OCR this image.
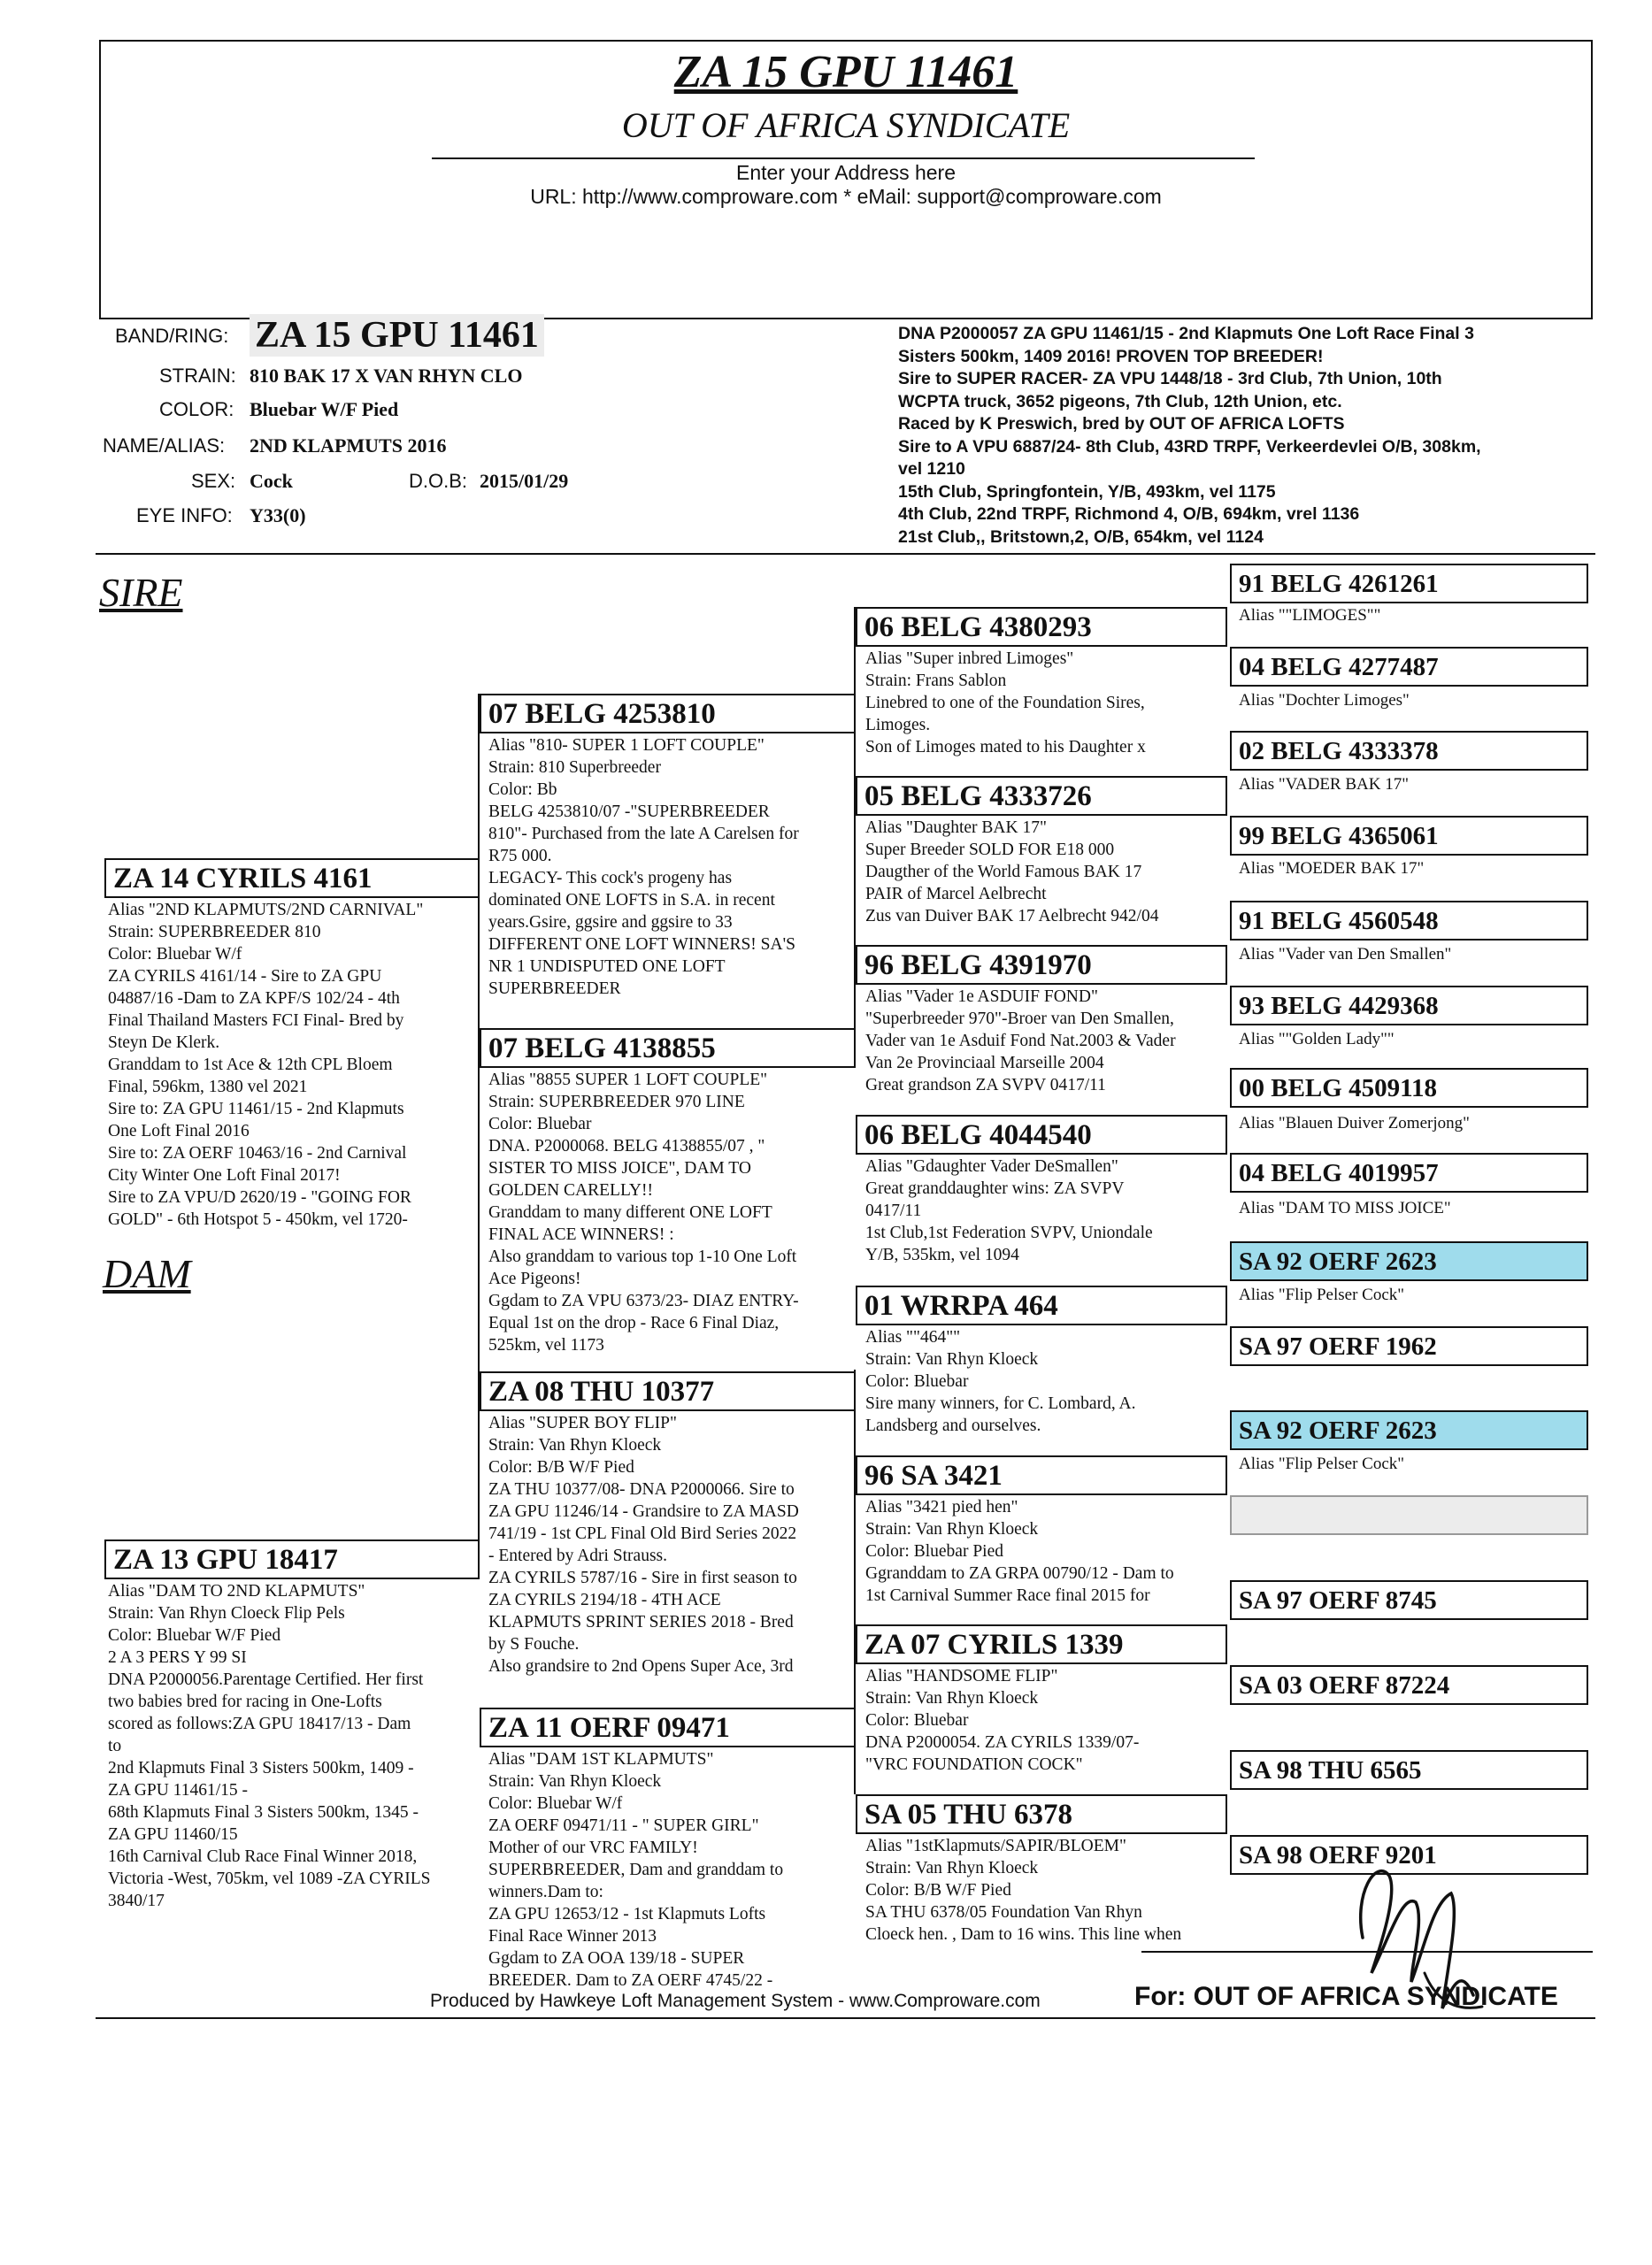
ZA 15 GPU 11461
OUT OF AFRICA SYNDICATE
Enter your Address here
URL: http://www.comproware.com * eMail: support@comproware.com
BAND/RING: ZA 15 GPU 11461
STRAIN: 810 BAK 17 X VAN RHYN CLO
COLOR: Bluebar W/F Pied
NAME/ALIAS: 2ND KLAPMUTS 2016
SEX: Cock	D.O.B: 2015/01/29
EYE INFO: Y33(0)
DNA P2000057 ZA GPU 11461/15 - 2nd Klapmuts One Loft Race Final 3
Sisters 500km, 1409 2016! PROVEN TOP BREEDER!
Sire to SUPER RACER- ZA VPU 1448/18 - 3rd Club, 7th Union, 10th
WCPTA truck, 3652 pigeons, 7th Club, 12th Union, etc.
Raced by K Preswich, bred by OUT OF AFRICA LOFTS
Sire to A VPU 6887/24- 8th Club, 43RD TRPF, Verkeerdevlei O/B, 308km,
vel 1210
15th Club, Springfontein, Y/B, 493km, vel 1175
4th Club, 22nd TRPF, Richmond 4, O/B, 694km, vrel 1136
21st Club,, Britstown,2, O/B, 654km, vel 1124
SIRE
DAM
ZA 14 CYRILS 4161
Alias "2ND KLAPMUTS/2ND CARNIVAL"
Strain: SUPERBREEDER 810
Color: Bluebar W/f
ZA CYRILS 4161/14 - Sire to ZA GPU
04887/16 -Dam to ZA KPF/S 102/24 - 4th
Final Thailand Masters FCI Final- Bred by
Steyn De Klerk.
Granddam to 1st Ace & 12th CPL Bloem
Final, 596km, 1380 vel 2021
Sire to: ZA GPU 11461/15 - 2nd Klapmuts
One Loft Final 2016
Sire to: ZA OERF 10463/16 - 2nd Carnival
City Winter One Loft Final 2017!
Sire to ZA VPU/D 2620/19 - "GOING FOR
GOLD" - 6th Hotspot 5 - 450km, vel 1720-
ZA 13 GPU 18417
Alias "DAM TO 2ND KLAPMUTS"
Strain: Van Rhyn Cloeck Flip Pels
Color: Bluebar W/F Pied
2 A 3 PERS Y 99 SI
DNA P2000056.Parentage Certified. Her first
two babies bred for racing in One-Lofts
scored as follows:ZA GPU 18417/13 - Dam
to
2nd Klapmuts Final 3 Sisters 500km, 1409 -
ZA GPU 11461/15 -
68th Klapmuts Final 3 Sisters 500km, 1345 -
ZA GPU 11460/15
16th Carnival Club Race Final Winner 2018,
Victoria -West, 705km, vel 1089 -ZA CYRILS
3840/17
07 BELG 4253810
Alias "810- SUPER 1 LOFT COUPLE"
Strain: 810 Superbreeder
Color: Bb
BELG 4253810/07 -"SUPERBREEDER
810"- Purchased from the late A Carelsen for
R75 000.
LEGACY- This cock's progeny has
dominated ONE LOFTS in S.A. in recent
years.Gsire, ggsire and ggsire to 33
DIFFERENT ONE LOFT WINNERS! SA'S
NR 1 UNDISPUTED ONE LOFT
SUPERBREEDER
07 BELG 4138855
Alias "8855 SUPER 1 LOFT COUPLE"
Strain: SUPERBREEDER 970 LINE
Color: Bluebar
DNA. P2000068. BELG 4138855/07 , "
SISTER TO MISS JOICE", DAM TO
GOLDEN CARELLY!!
Granddam to many different ONE LOFT
FINAL ACE WINNERS! :
Also granddam to various top 1-10 One Loft
Ace Pigeons!
Ggdam to ZA VPU 6373/23- DIAZ ENTRY-
Equal 1st on the drop - Race 6 Final Diaz,
525km, vel 1173
ZA 08 THU 10377
Alias "SUPER BOY FLIP"
Strain: Van Rhyn Kloeck
Color: B/B W/F Pied
ZA THU 10377/08- DNA P2000066. Sire to
ZA GPU 11246/14 - Grandsire to ZA MASD
741/19 - 1st CPL Final Old Bird Series 2022
- Entered by Adri Strauss.
ZA CYRILS 5787/16 - Sire in first season to
ZA CYRILS 2194/18 - 4TH ACE
KLAPMUTS SPRINT SERIES 2018 - Bred
by S Fouche.
Also grandsire to 2nd Opens Super Ace, 3rd
ZA 11 OERF 09471
Alias "DAM 1ST KLAPMUTS"
Strain: Van Rhyn Kloeck
Color: Bluebar W/f
ZA OERF 09471/11 - " SUPER GIRL"
Mother of our VRC FAMILY!
SUPERBREEDER, Dam and granddam to
winners.Dam to:
ZA GPU 12653/12 - 1st Klapmuts Lofts
Final Race Winner 2013
Ggdam to ZA OOA 139/18 - SUPER
BREEDER. Dam to ZA OERF 4745/22 -
06 BELG 4380293
Alias "Super inbred Limoges"
Strain: Frans Sablon
Linebred to one of the Foundation Sires,
Limoges.
Son of Limoges mated to his Daughter x
05 BELG 4333726
Alias "Daughter BAK 17"
Super Breeder SOLD FOR E18 000
Daugther of the World Famous BAK 17
PAIR of Marcel Aelbrecht
Zus van Duiver BAK 17 Aelbrecht 942/04
96 BELG 4391970
Alias "Vader 1e ASDUIF FOND"
"Superbreeder 970"-Broer van Den Smallen,
Vader van 1e Asduif Fond Nat.2003 & Vader
Van 2e Provinciaal Marseille 2004
Great grandson ZA SVPV 0417/11
06 BELG 4044540
Alias "Gdaughter Vader DeSmallen"
Great granddaughter wins: ZA SVPV
0417/11
1st Club,1st Federation SVPV, Uniondale
Y/B, 535km, vel 1094
01 WRRPA 464
Alias ""464""
Strain: Van Rhyn Kloeck
Color: Bluebar
Sire many winners, for C. Lombard, A.
Landsberg and ourselves.
96 SA 3421
Alias "3421 pied hen"
Strain: Van Rhyn Kloeck
Color: Bluebar Pied
Ggranddam to ZA GRPA 00790/12 - Dam to
1st Carnival Summer Race final 2015 for
ZA 07 CYRILS 1339
Alias "HANDSOME FLIP"
Strain: Van Rhyn Kloeck
Color: Bluebar
DNA P2000054. ZA CYRILS 1339/07-
"VRC FOUNDATION COCK"
SA 05 THU 6378
Alias "1stKlapmuts/SAPIR/BLOEM"
Strain: Van Rhyn Kloeck
Color: B/B W/F Pied
SA THU 6378/05 Foundation Van Rhyn
Cloeck hen. , Dam to 16 wins. This line when
91 BELG 4261261
Alias ""LIMOGES""
04 BELG 4277487
Alias "Dochter Limoges"
02 BELG 4333378
Alias "VADER BAK 17"
99 BELG 4365061
Alias "MOEDER BAK 17"
91 BELG 4560548
Alias "Vader van Den Smallen"
93 BELG 4429368
Alias ""Golden Lady""
00 BELG 4509118
Alias "Blauen Duiver Zomerjong"
04 BELG 4019957
Alias "DAM TO MISS JOICE"
SA 92 OERF 2623
Alias "Flip Pelser Cock"
SA 97 OERF 1962
SA 92 OERF 2623
Alias "Flip Pelser Cock"
SA 97 OERF 8745
SA 03 OERF 87224
SA 98 THU 6565
SA 98 OERF 9201
Produced by Hawkeye Loft Management System - www.Comproware.com	For: OUT OF AFRICA SYNDICATE
